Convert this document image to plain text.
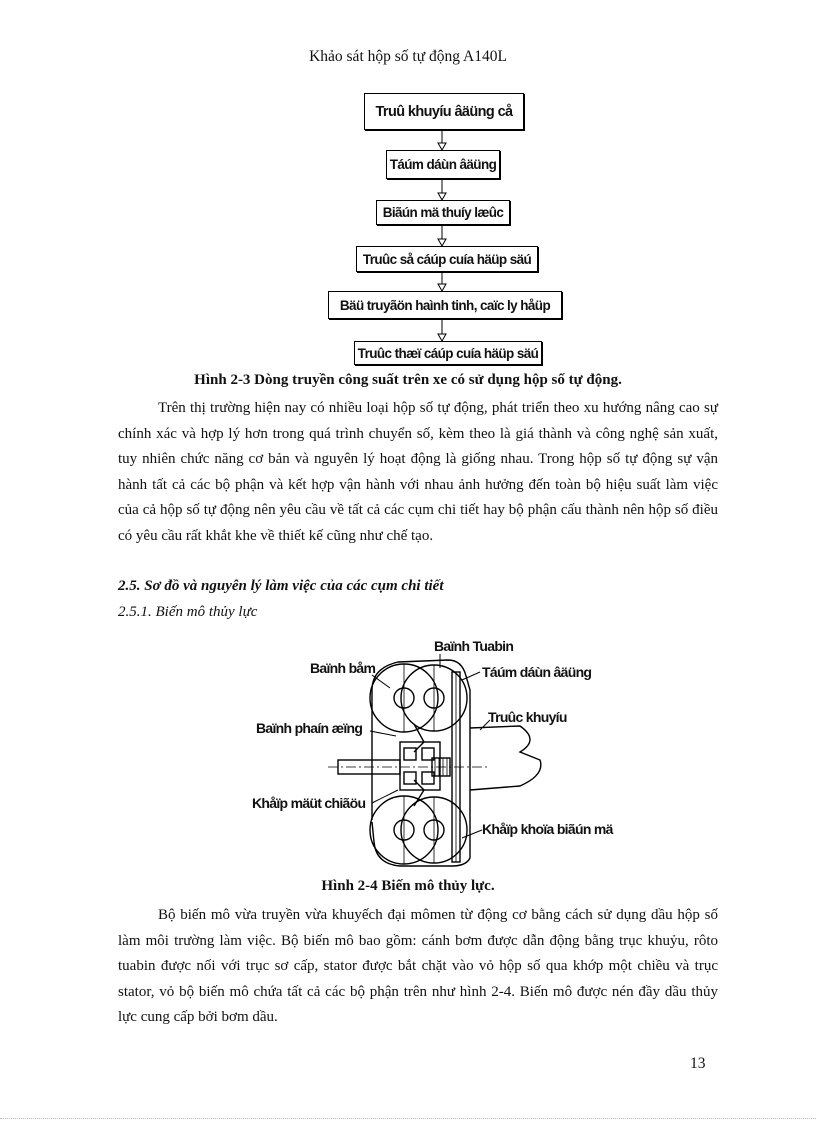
Khảo sát hộp số tự động A140L
Truû khuyíu âäüng cå
Táúm dáùn âäüng
Biãún mä thuíy læûc
Truûc så cáúp cuía häüp säú
Bäü truyãön haình tinh, caïc ly håüp
Truûc thæï cáúp cuía häüp säú
Hình 2-3 Dòng truyền công suất trên xe có sử dụng hộp số tự động.

Trên thị trường hiện nay có nhiều loại hộp số tự động, phát triển theo xu hướng nâng cao sự chính xác và hợp lý hơn trong quá trình chuyển số, kèm theo là giá thành và công nghệ sản xuất, tuy nhiên chức năng cơ bản và nguyên lý hoạt động là giống nhau. Trong hộp số tự động sự vận hành tất cả các bộ phận và kết hợp vận hành với nhau ảnh hưởng đến toàn bộ hiệu suất làm việc của cả hộp số tự động nên yêu cầu về tất cả các cụm chi tiết hay bộ phận cấu thành nên hộp số điều có yêu cầu rất khắt khe về thiết kế cũng như chế tạo.

2.5. Sơ đồ và nguyên lý làm việc của các cụm chi tiết
2.5.1. Biến mô thủy lực
Baïnh Tuabin
Baïnh båm	Táúm dáùn âäüng
Baïnh phaín æïng
Truûc khuyíu
Khåïp mäüt chiãöu
Khåïp khoïa biãún mä
Hình 2-4 Biến mô thủy lực.

Bộ biến mô vừa truyền vừa khuyếch đại mômen từ động cơ bằng cách sử dụng dầu hộp số làm môi trường làm việc. Bộ biến mô bao gồm: cánh bơm được dẫn động bằng trục khuỷu, rôto tuabin được nối với trục sơ cấp, stator được bắt chặt vào vỏ hộp số qua khớp một chiều và trục stator, vỏ bộ biến mô chứa tất cả các bộ phận trên như hình 2-4. Biến mô được nén đầy dầu thủy lực cung cấp bởi bơm dầu.

13
